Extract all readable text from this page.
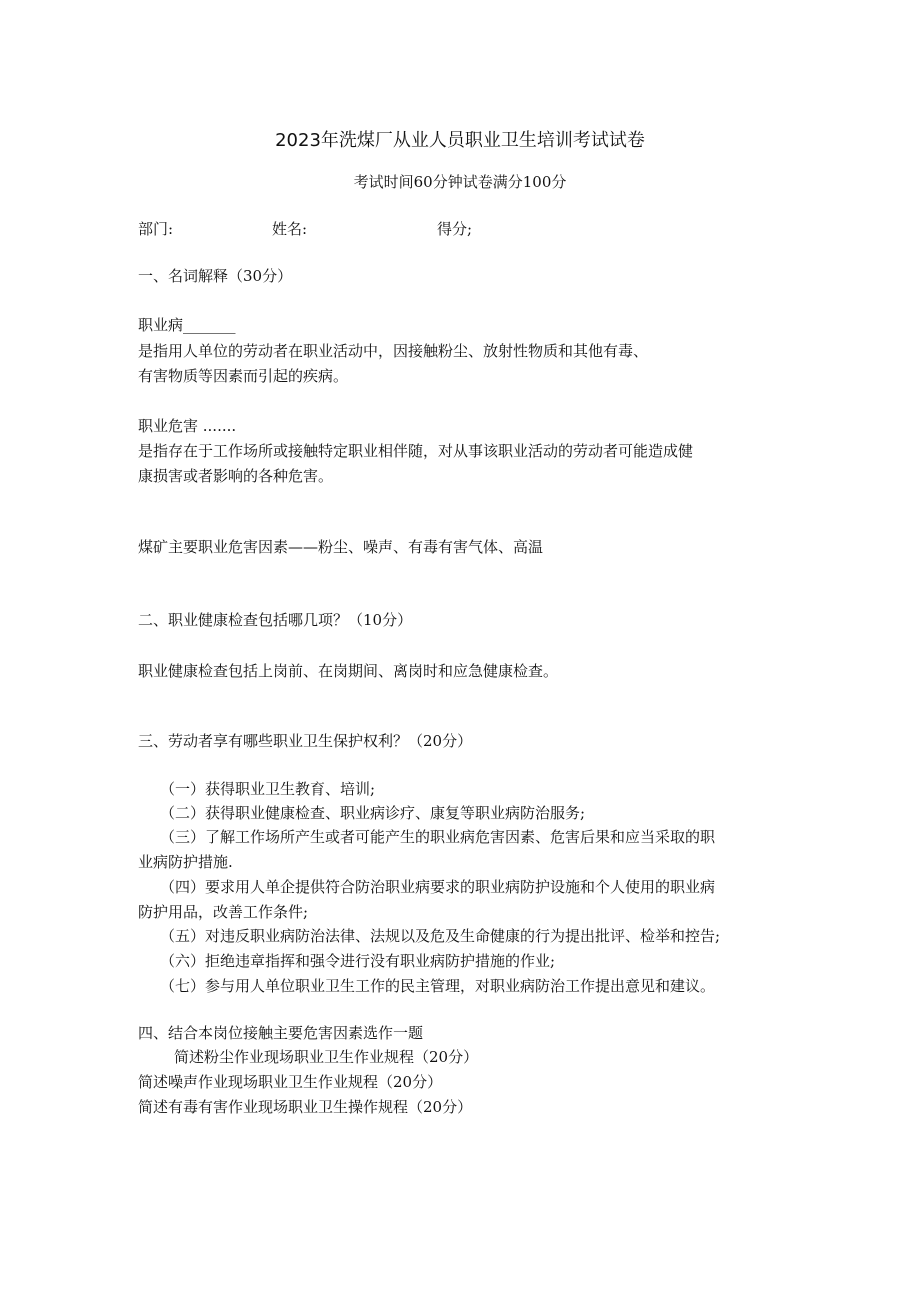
2023年洗煤厂从业人员职业卫生培训考试试卷
考试时间60分钟试卷满分100分
部门:	姓名:	得分;
一、名词解释（30分）
职业病_______
是指用人单位的劳动者在职业活动中，因接触粉尘、放射性物质和其他有毒、
有害物质等因素而引起的疾病。
职业危害 .......
是指存在于工作场所或接触特定职业相伴随，对从事该职业活动的劳动者可能造成健
康损害或者影响的各种危害。
煤矿主要职业危害因素——粉尘、噪声、有毒有害气体、高温
二、职业健康检查包括哪几项？（10分）
职业健康检查包括上岗前、在岗期间、离岗时和应急健康检查。
三、劳动者享有哪些职业卫生保护权利？（20分）
（一）获得职业卫生教育、培训;
（二）获得职业健康检查、职业病诊疗、康复等职业病防治服务;
（三）了解工作场所产生或者可能产生的职业病危害因素、危害后果和应当采取的职
业病防护措施.
（四）要求用人单企提供符合防治职业病要求的职业病防护设施和个人使用的职业病
防护用品，改善工作条件;
（五）对违反职业病防治法律、法规以及危及生命健康的行为提出批评、检举和控告;
（六）拒绝违章指挥和强令进行没有职业病防护措施的作业;
（七）参与用人单位职业卫生工作的民主管理，对职业病防治工作提出意见和建议。
四、结合本岗位接触主要危害因素选作一题
简述粉尘作业现场职业卫生作业规程（20分）
简述噪声作业现场职业卫生作业规程（20分）
简述有毒有害作业现场职业卫生操作规程（20分）
